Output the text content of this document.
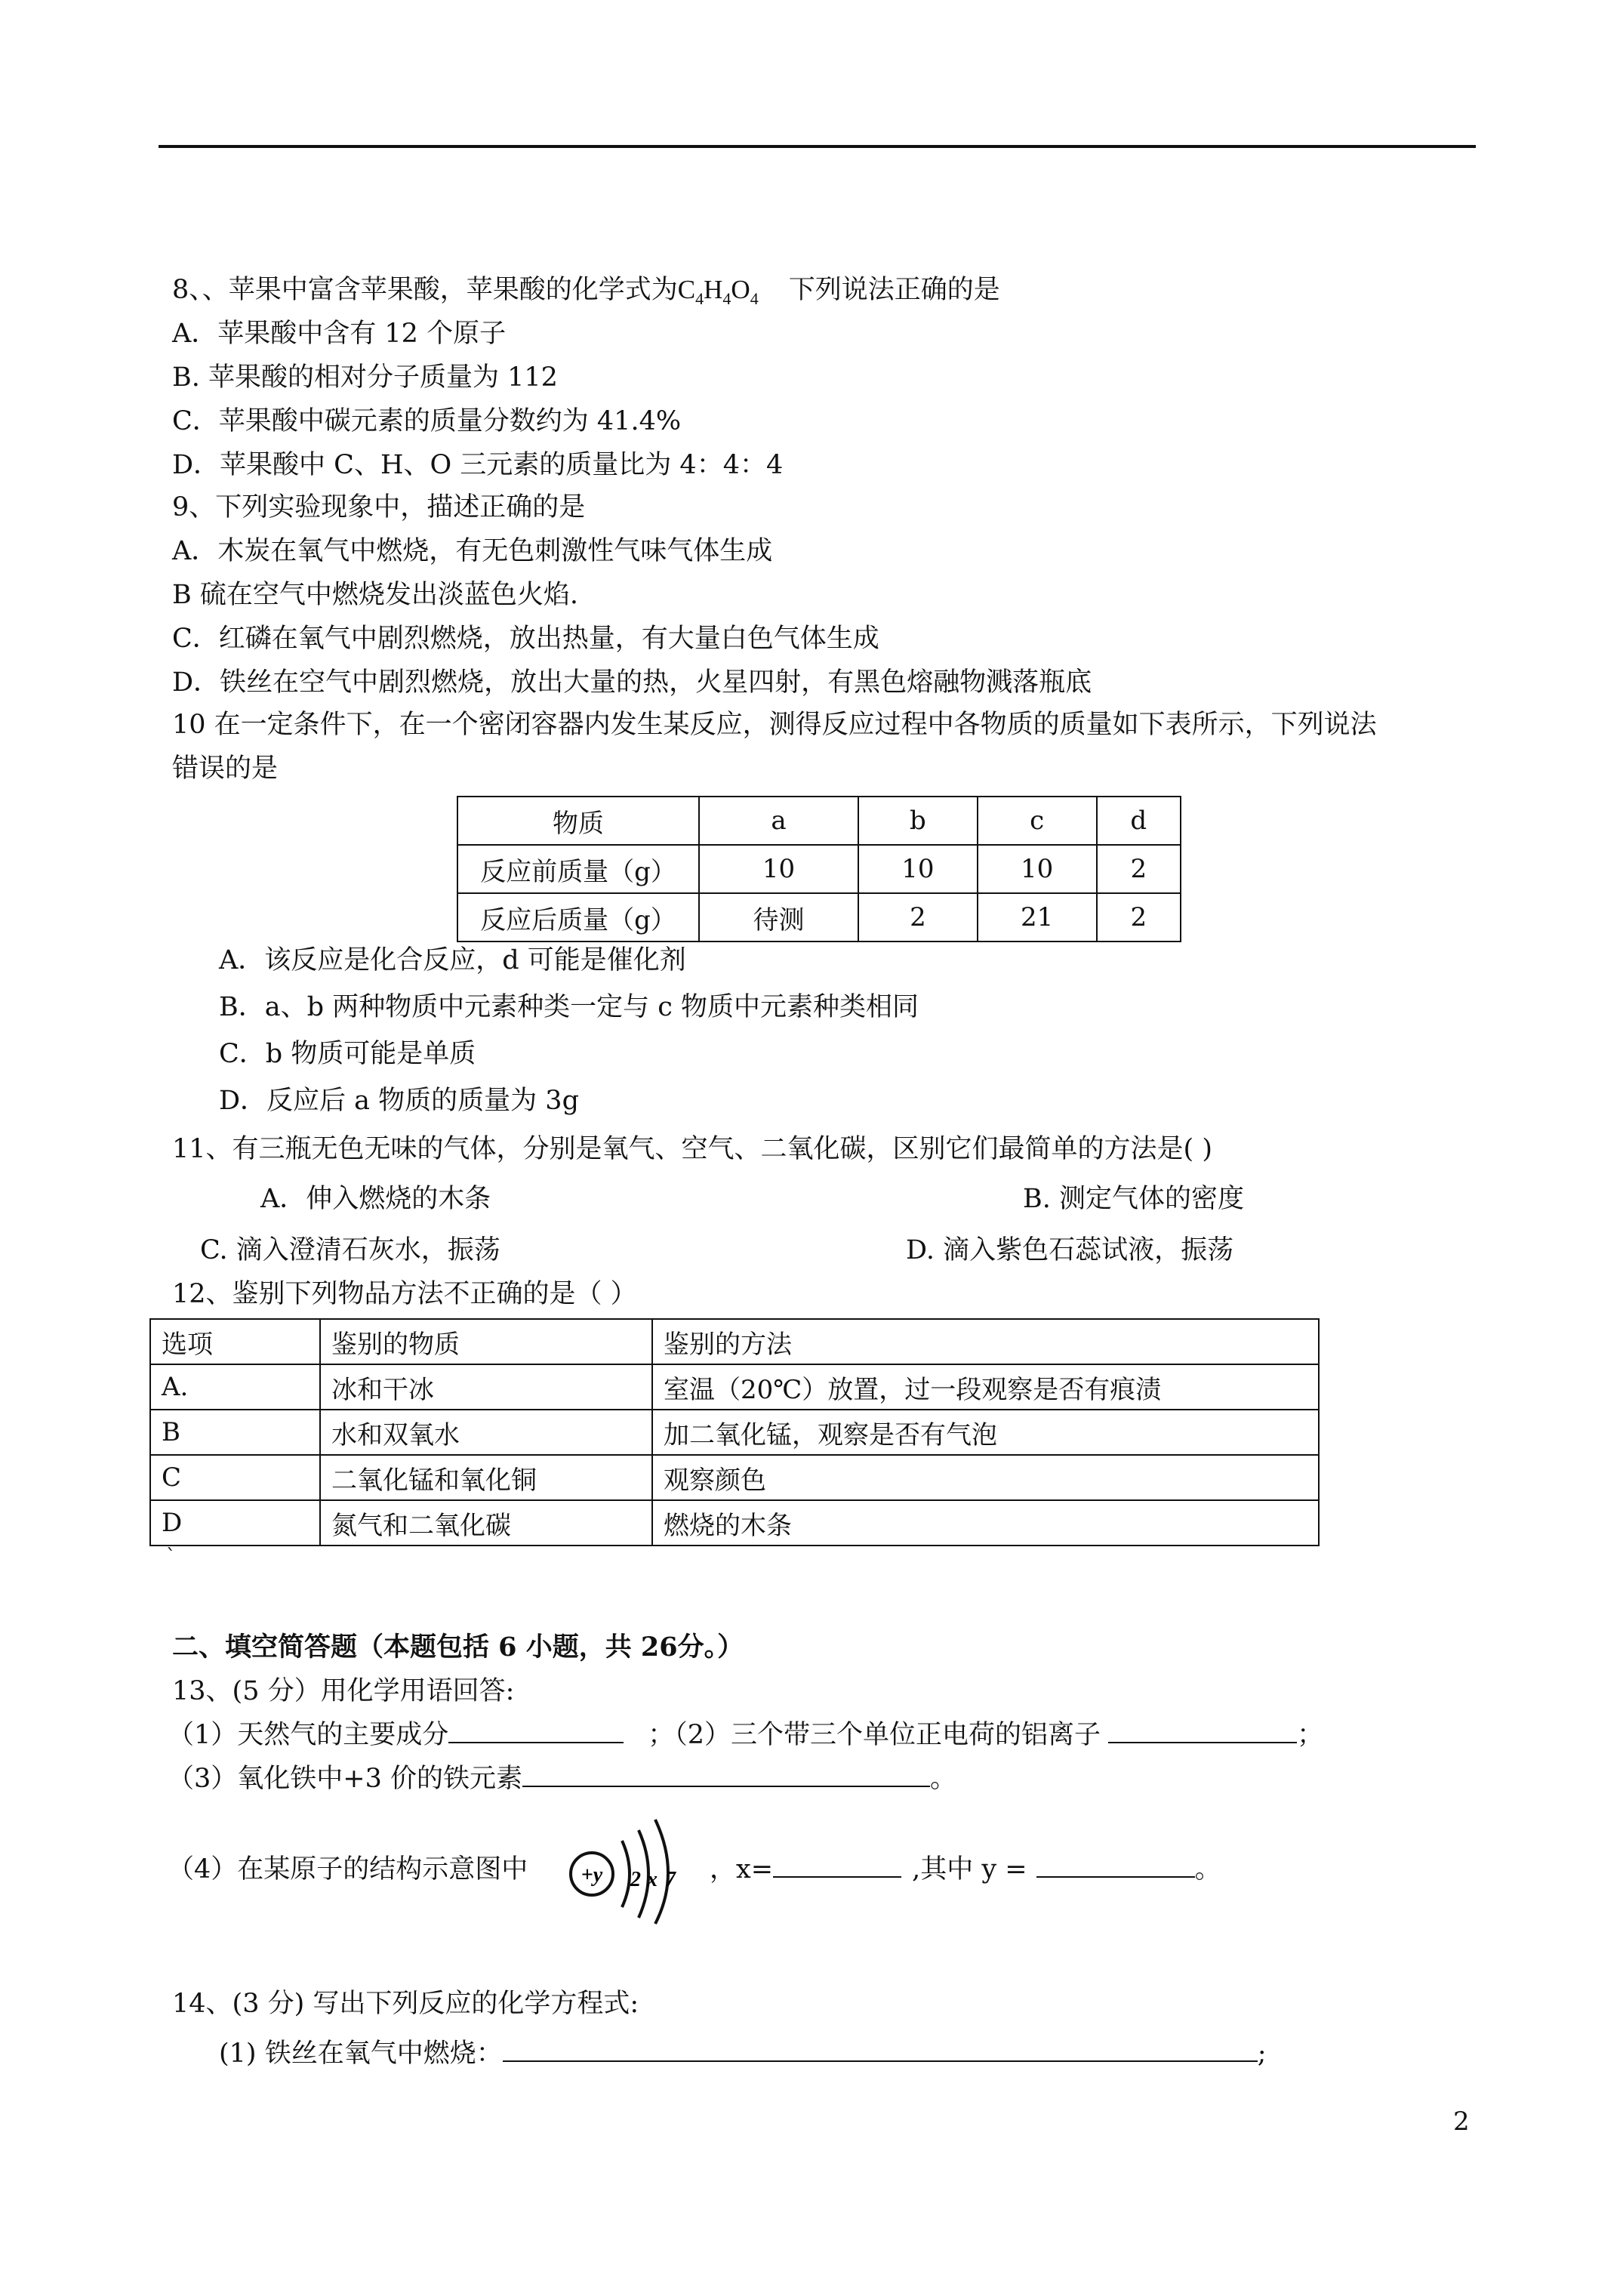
8、、苹果中富含苹果酸，苹果酸的化学式为$C_4H_4O_4$ 下列说法正确的是
A．苹果酸中含有 12 个原子
B. 苹果酸的相对分子质量为 112
C．苹果酸中碳元素的质量分数约为 41.4%
D．苹果酸中 C、H、O 三元素的质量比为 4：4：4
9、下列实验现象中，描述正确的是
A．木炭在氧气中燃烧，有无色刺激性气味气体生成
B 硫在空气中燃烧发出淡蓝色火焰.
C．红磷在氧气中剧烈燃烧，放出热量，有大量白色气体生成
D．铁丝在空气中剧烈燃烧，放出大量的热，火星四射，有黑色熔融物溅落瓶底
10 在一定条件下，在一个密闭容器内发生某反应，测得反应过程中各物质的质量如下表所示，下列说法
错误的是
物质	a	b	c	d
反应前质量（g）	10	10	10	2
反应后质量（g）	待测	2	21	2
A．该反应是化合反应，d 可能是催化剂
B．a、b 两种物质中元素种类一定与 c 物质中元素种类相同
C．b 物质可能是单质
D．反应后 a 物质的质量为 3g
11、有三瓶无色无味的气体，分别是氧气、空气、二氧化碳，区别它们最简单的方法是( )
A．伸入燃烧的木条	B. 测定气体的密度
C. 滴入澄清石灰水，振荡	D. 滴入紫色石蕊试液，振荡
12、鉴别下列物品方法不正确的是（ ）
选项	鉴别的物质	鉴别的方法
A.	冰和干冰	室温（20℃）放置，过一段观察是否有痕渍
B	水和双氧水	加二氧化锰，观察是否有气泡
C	二氧化锰和氧化铜	观察颜色
D	氮气和二氧化碳	燃烧的木条
`
二、填空简答题（本题包括 6 小题，共 26分。）
13、(5 分）用化学用语回答:
（1）天然气的主要成分	；（2）三个带三个单位正电荷的铝离子	；
（3）氧化铁中+3 价的铁元素	。
（4）在某原子的结构示意图中	+y 2 x 7 ，x=	,其中 y =	。
14、(3 分) 写出下列反应的化学方程式:
(1) 铁丝在氧气中燃烧：	;
2
